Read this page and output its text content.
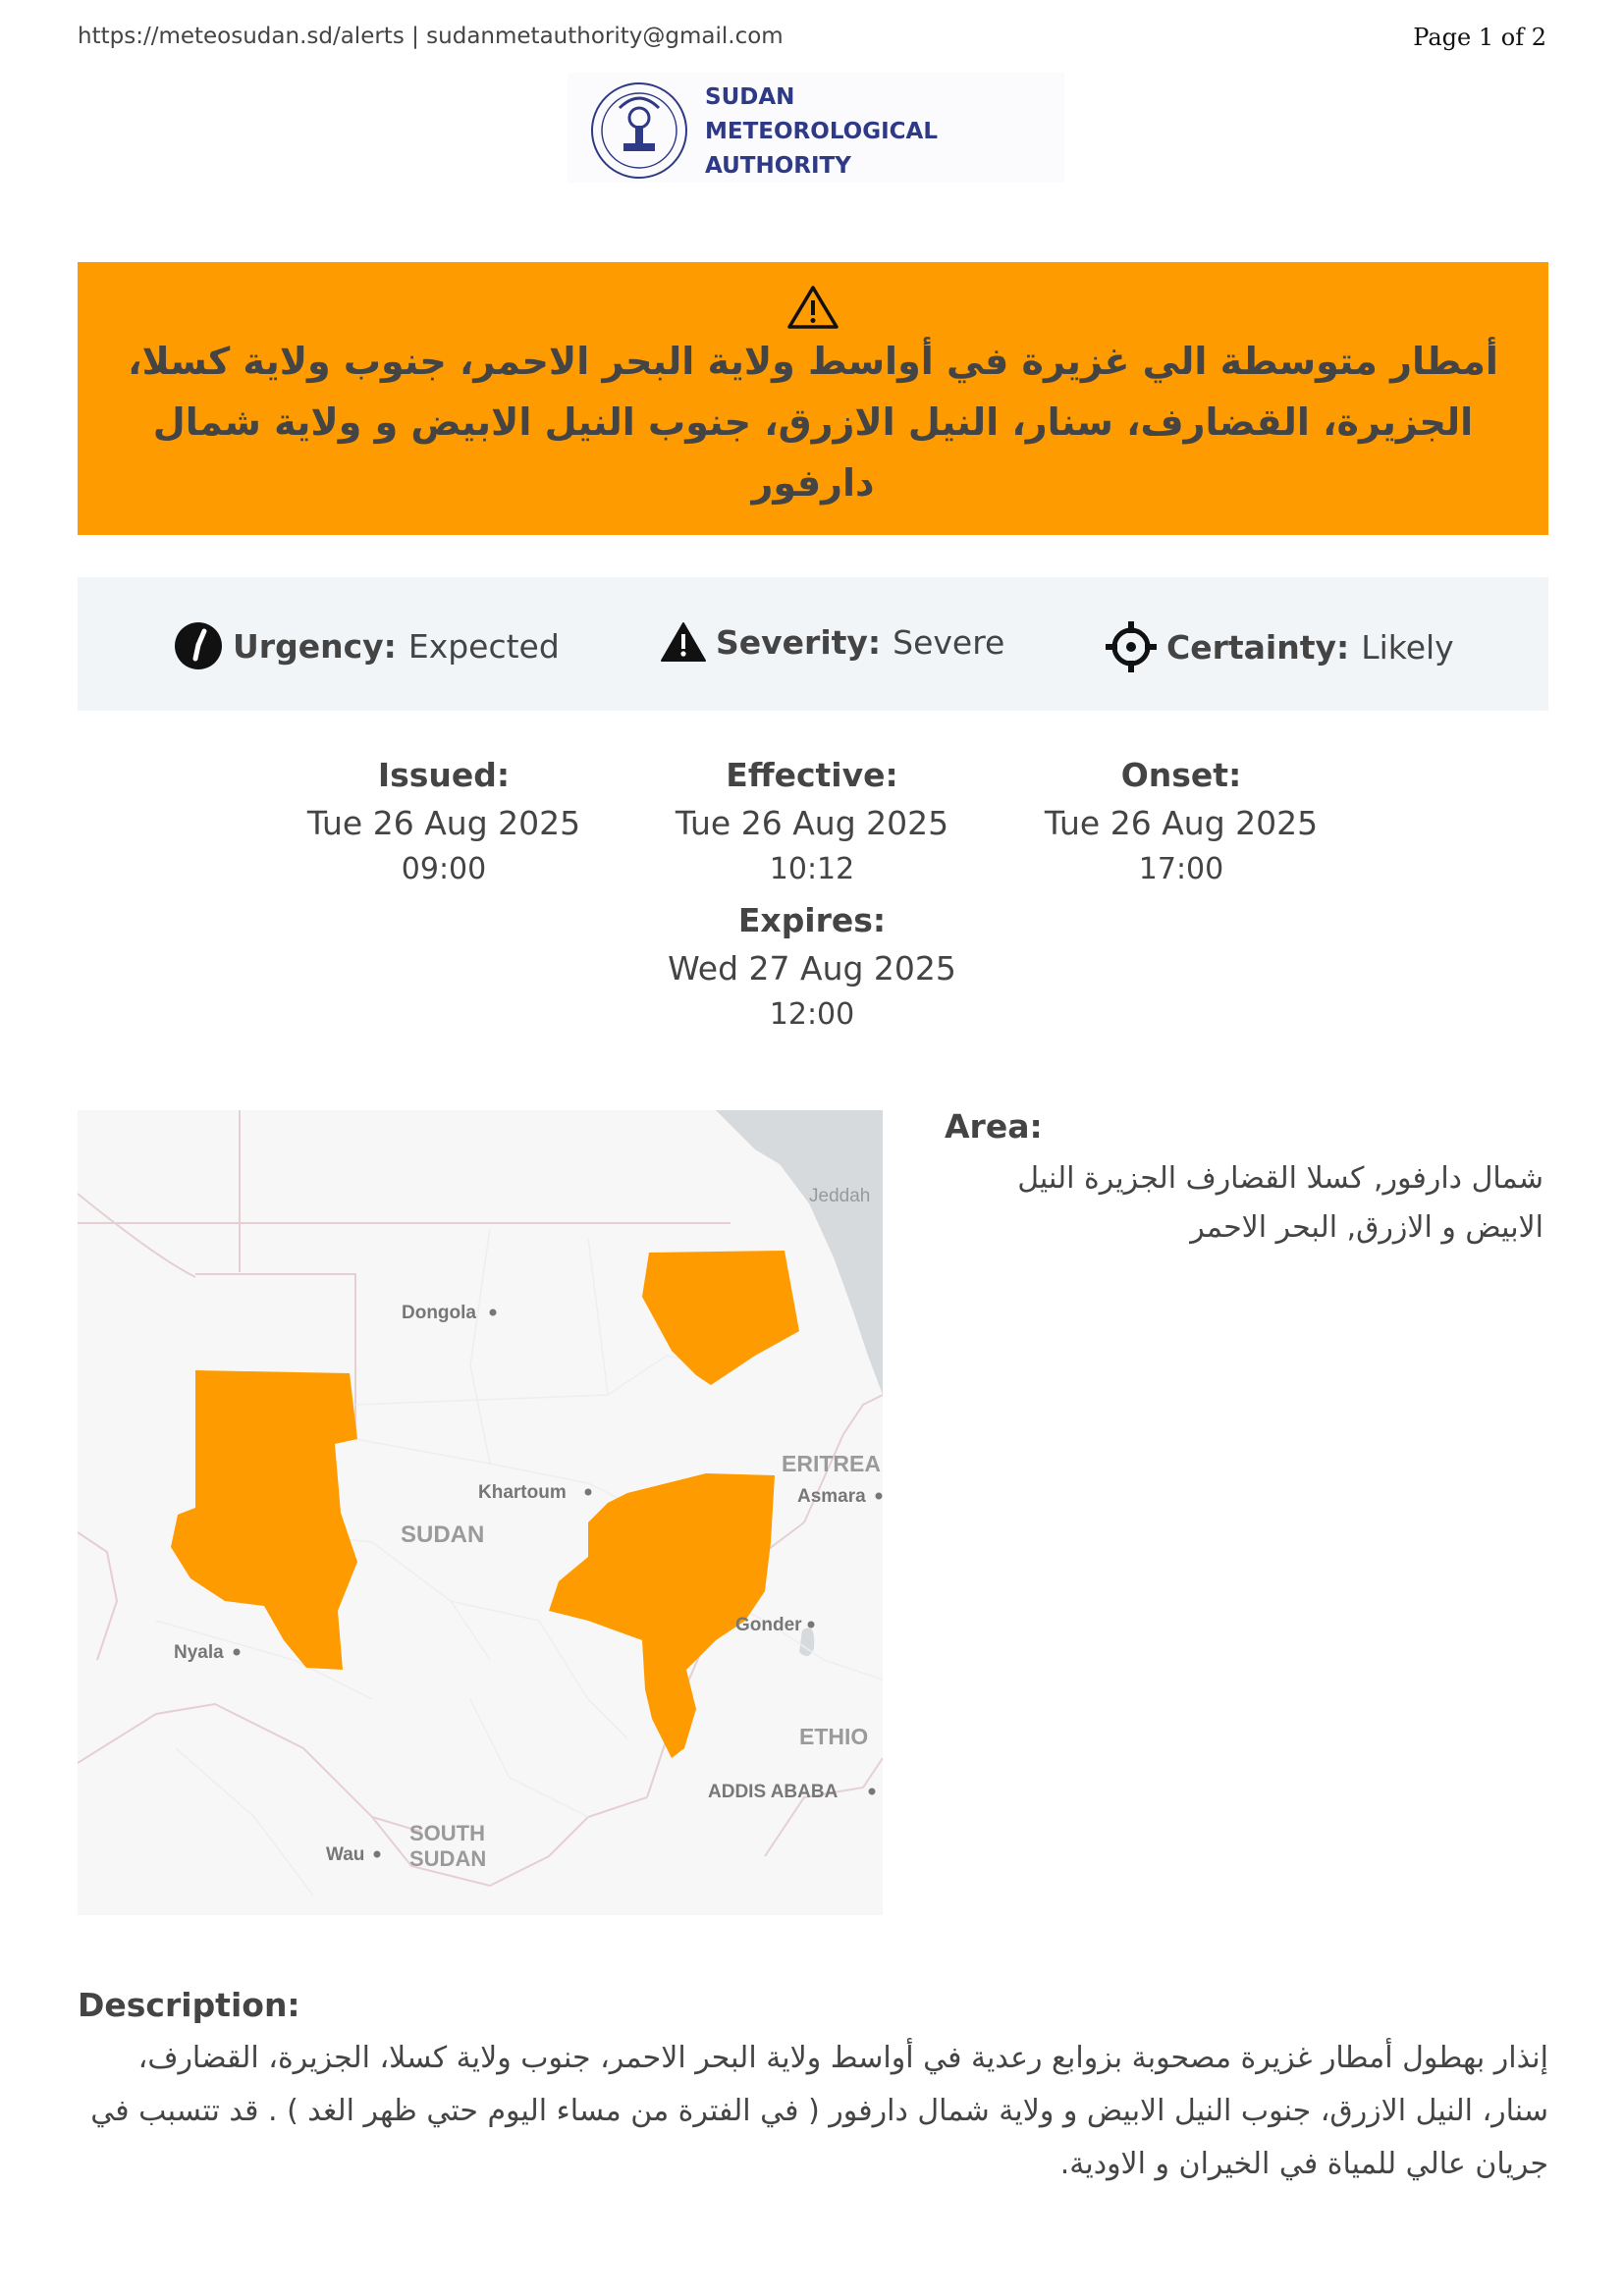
https://meteosudan.sd/alerts | sudanmetauthority@gmail.com	Page 1 of 2
SUDAN
METEOROLOGICAL
AUTHORITY
أمطار متوسطة الي غزيرة في أواسط ولاية البحر الاحمر، جنوب ولاية كسلا، الجزيرة، القضارف، سنار، النيل الازرق، جنوب النيل الابيض و ولاية شمال دارفور
Urgency: Expected	Severity: Severe	Certainty: Likely
Issued:
Tue 26 Aug 2025
09:00
Effective:
Tue 26 Aug 2025
10:12
Onset:
Tue 26 Aug 2025
17:00
Expires:
Wed 27 Aug 2025
12:00
Jeddah
Dongola
Khartoum
SUDAN
ERITREA
Asmara
Nyala
Gonder
ETHIO
ADDIS ABABA
Wau
SOUTH
SUDAN
Area:
شمال دارفور, كسلا القضارف الجزيرة النيل الابيض و الازرق, البحر الاحمر
Description:
إنذار بهطول أمطار غزيرة مصحوبة بزوابع رعدية في أواسط ولاية البحر الاحمر، جنوب ولاية كسلا، الجزيرة، القضارف، سنار، النيل الازرق، جنوب النيل الابيض و ولاية شمال دارفور ( في الفترة من مساء اليوم حتي ظهر الغد ) . قد تتسبب في جريان عالي للمياة في الخيران و الاودية.
